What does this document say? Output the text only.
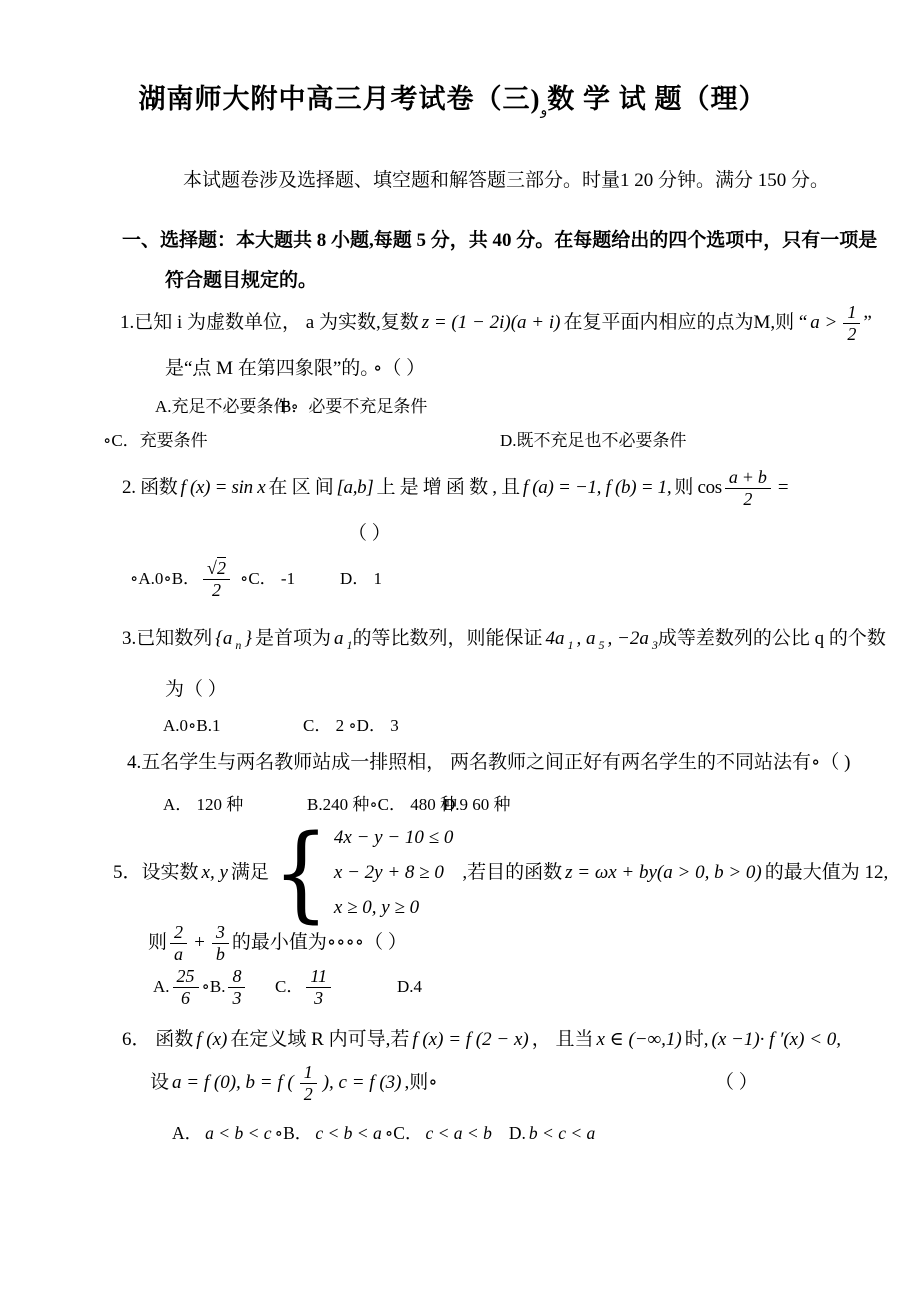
湖南师大附中高三月考试卷（三)$_و$数 学 试 题（理）
本试题卷涉及选择题、填空题和解答题三部分。时量1 20 分钟。满分 150 分。
一、选择题：本大题共 8 小题,每题 5 分，共 40 分。在每题给出的四个选项中，只有一项是
符合题目规定的。
1.已知 i 为虚数单位， a 为实数,复数 z = (1 − 2i)(a + i) 在复平面内相应的点为M,则 “ $a > \frac{1}{2}$ ”
是“点 M 在第四象限”的。
∘（ ）
A.充足不必要条件∘
B．必要不充足条件
∘C．充要条件	D.既不充足也不必要条件
2. 函数 f (x) = sin x 在 区 间 [a,b] 上 是 增 函 数 , 且 f (a) = −1, f (b) = 1, 则 $\cos \frac{a + b}{2}$ =
（ ）
∘A.0∘ B． $\frac{√2}{2}$ ∘C． -1	D． 1
3.已知数列 {a $_n$ } 是首项为 a $_1$的等比数列，则能保证 4a $_1$ , a $_5$ , −2a $_3$成等差数列的公比 q 的个数
为（ ）
A.0∘B.1	C． 2 ∘D． 3
4.五名学生与两名教师站成一排照相， 两名教师之间正好有两名学生的不同站法有∘（ )
A． 120 种	B.240 种∘C． 480 种
D.9 60 种
5．设实数 x, y 满足 { 4x − y − 10 ≤ 0
x − 2y + 8 ≥ 0
x ≥ 0, y ≥ 0
,若目的函数 z = ωx + by(a > 0, b > 0) 的最大值为 12,
则 $\frac{2}{a} + \frac{3}{b}$ 的最小值为∘∘∘∘（ ）
A. $\frac{25}{6}$ ∘B. $\frac{8}{3}$ C． $\frac{11}{3}$	D.4
6． 函数 f (x) 在定义域 R 内可导,若 f (x) = f (2 − x) ， 且当 x ∈ (−∞,1) 时, (x −1)· f ′(x) < 0,
设 a = f (0), b = f ( $\frac{1}{2}$ ), c = f (3) ,则∘	（ ）
A． a < b < c ∘B． c < b < a ∘C． c < a < b D. b < c < a
